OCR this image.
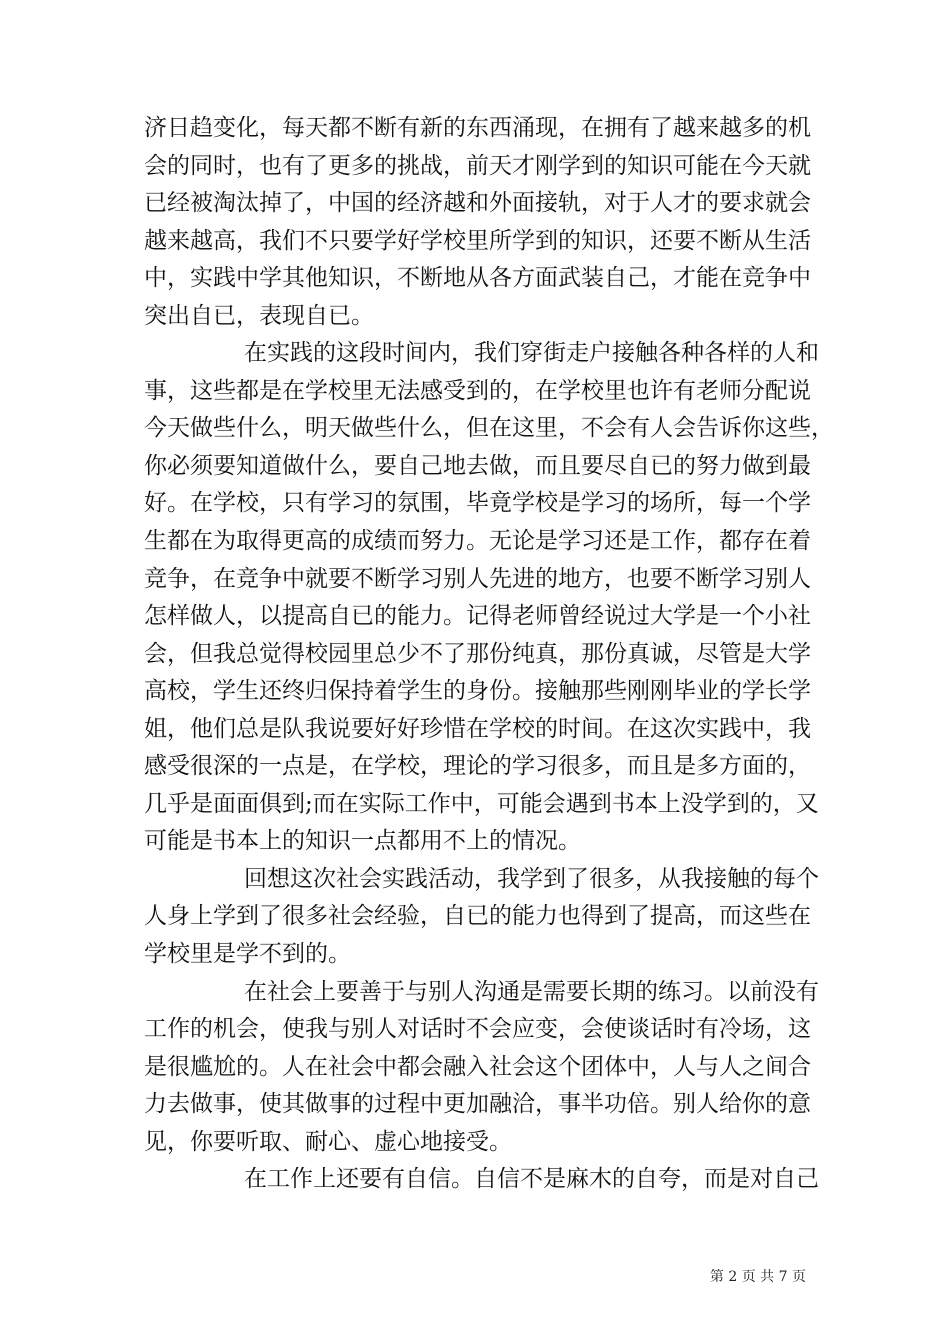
济日趋变化，每天都不断有新的东西涌现，在拥有了越来越多的机
会的同时，也有了更多的挑战，前天才刚学到的知识可能在今天就
已经被淘汰掉了，中国的经济越和外面接轨，对于人才的要求就会
越来越高，我们不只要学好学校里所学到的知识，还要不断从生活
中，实践中学其他知识，不断地从各方面武装自己，才能在竞争中
突出自已，表现自已。
在实践的这段时间内，我们穿街走户接触各种各样的人和
事，这些都是在学校里无法感受到的，在学校里也许有老师分配说
今天做些什么，明天做些什么，但在这里，不会有人会告诉你这些，
你必须要知道做什么，要自己地去做，而且要尽自已的努力做到最
好。在学校，只有学习的氛围，毕竟学校是学习的场所，每一个学
生都在为取得更高的成绩而努力。无论是学习还是工作，都存在着
竞争，在竞争中就要不断学习别人先进的地方，也要不断学习别人
怎样做人，以提高自已的能力。记得老师曾经说过大学是一个小社
会，但我总觉得校园里总少不了那份纯真，那份真诚，尽管是大学
高校，学生还终归保持着学生的身份。接触那些刚刚毕业的学长学
姐，他们总是队我说要好好珍惜在学校的时间。在这次实践中，我
感受很深的一点是，在学校，理论的学习很多，而且是多方面的，
几乎是面面俱到;而在实际工作中，可能会遇到书本上没学到的，又
可能是书本上的知识一点都用不上的情况。
回想这次社会实践活动，我学到了很多，从我接触的每个
人身上学到了很多社会经验，自已的能力也得到了提高，而这些在
学校里是学不到的。
在社会上要善于与别人沟通是需要长期的练习。以前没有
工作的机会，使我与别人对话时不会应变，会使谈话时有冷场，这
是很尴尬的。人在社会中都会融入社会这个团体中，人与人之间合
力去做事，使其做事的过程中更加融洽，事半功倍。别人给你的意
见，你要听取、耐心、虚心地接受。
在工作上还要有自信。自信不是麻木的自夸，而是对自己
第 2 页 共 7 页
